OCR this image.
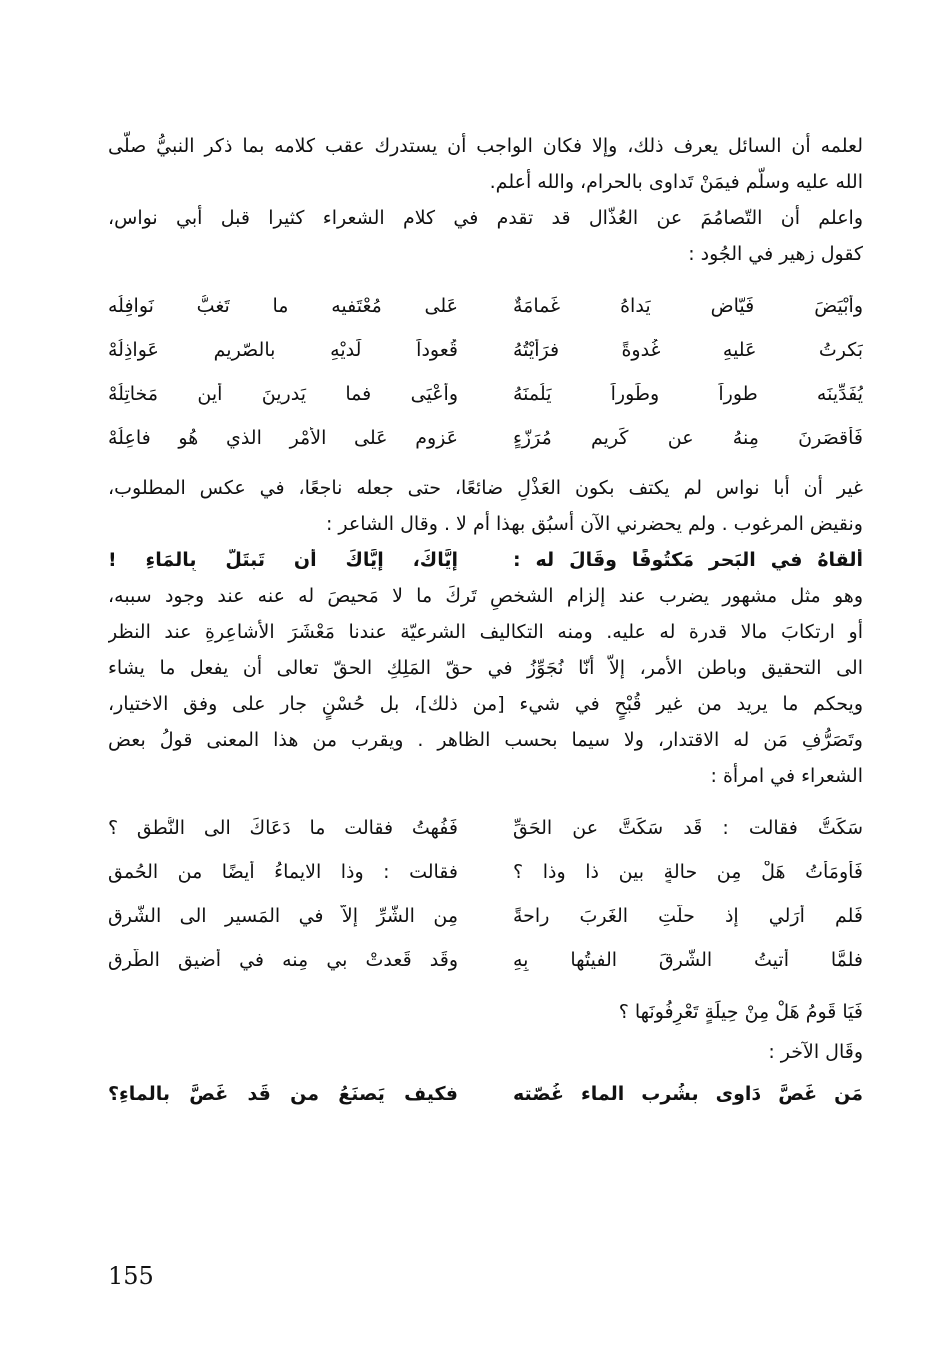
لعلمه أن السائل يعرف ذلك، وإلا فكان الواجب أن يستدرك عقب كلامه بما ذكر النبيُّ صلّى
الله عليه وسلّم فيمَنْ تَداوى بالحرام، والله أعلم.

واعلم أن التّصامُمَ عن العُذّال قد تقدم في كلام الشعراء كثيرا قبل أبي نواس،
كقول زهير في الجُود :

وأبْيَضَ فَيّاضٍ يَداهُ غَمامَةٌ
عَلى مُعْتَفيه ما تَغبُّ نَوافِلُه
بَكرتُ عَليهِ غُدوةً فرَأيْتُهُ
قُعوداً لَديْهِ بالصّريمِ عَواذِلُهْ
يُفَدِّينَه طوراً وطَوراً يَلُمنَهُ
وأعْيَى فما يَدرينَ أين مَخاتِلُهْ
فَأقصَرنَ مِنهُ عن كَريمٍ مُرَزّءٍ
عَزومٍ عَلى الأمْرِ الذي هُو فاعِلُهْ

غير أن أبا نواس لم يكتف بكون العَذْلِ ضائعًا، حتى جعله ناجعًا، في عكس المطلوب،
ونقيض المرغوب . ولم يحضرني الآن أسبُق بهذا أم لا . وقال الشاعر :

ألقاهُ في البَحرِ مَكتُوفًا وقَالَ له :
إيَّاكَ، إيَّاكَ أن تَبتَلَّ بِالمَاءِ !

وهو مثل مشهور يضرب عند إلزام الشخصِ تَركَ ما لا مَحيصَ له عنه عند وجود سببه،
أو ارتكابَ مالا قدرة له عليه. ومنه التكاليف الشرعيّة عندنا مَعْشَرَ الأشاعِرةِ عند النظر
الى التحقيق وباطن الأمر، إلاّ أنّا نُجَوِّزُ في حقّ المَلِكِ الحقّ تعالى أن يفعل ما يشاء
ويحكم ما يريد من غير قُبْحٍ في شيء [من ذلك]، بل حُسْنٍ جار على وفق الاختيار،
وتَصَرُّفِ مَن له الاقتدار، ولا سيما بحسب الظاهر . ويقرب من هذا المعنى قولُ بعض
الشعراء في امرأة :

سَكَتُّ فقالت : قَد سَكَتَّ عن الحَقِّ
فَفُهتُ فقالت ما دَعَاكَ الى النُّطقِ ؟
فَأومَأْتُ هَلْ مِن حالةٍ بين ذا وذا ؟
فقالت : وذا الايماءُ أيضًا من الحُمقِ
فَلم أرَلي إذ حلَّتِ الغَربَ راحةً
مِن الشَّرِّ إلاَّ في المَسيرِ الى الشَّرقِ
فلمَّا أتيتُ الشَّرقَ الفيتُها بِهِ
وقَد قَعدتْ بي مِنه في أضيقِ الطُّرقِ
فَيَا قَومُ هَلْ مِنْ حِيلَةٍ تَعْرِفُونَها ؟
وقَال الآخر :
مَن غَصَّ دَاوى بشُرب الماء غُصّته
فكيف يَصنَعُ من قَد غَصَّ بالماءِ؟
155
